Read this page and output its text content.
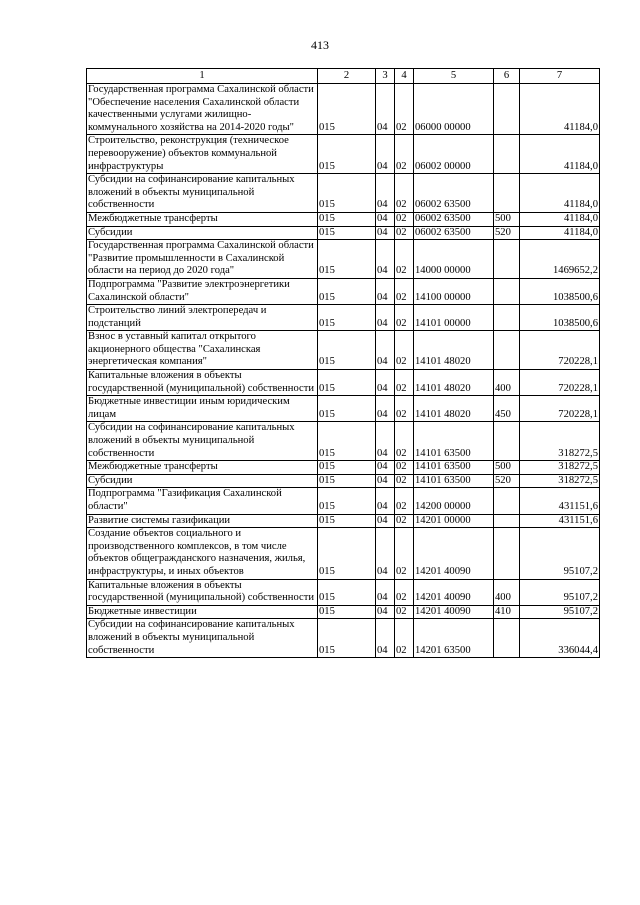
413
1	2	3	4	5	6	7
Государственная программа Сахалинской области "Обеспечение населения Сахалинской области качественными услугами жилищно-коммунального хозяйства на 2014-2020 годы"	015	04	02	06000 00000		41184,0
Строительство, реконструкция (техническое перевооружение) объектов коммунальной инфраструктуры	015	04	02	06002 00000		41184,0
Субсидии на софинансирование капитальных вложений в объекты муниципальной собственности	015	04	02	06002 63500		41184,0
Межбюджетные трансферты	015	04	02	06002 63500	500	41184,0
Субсидии	015	04	02	06002 63500	520	41184,0
Государственная программа Сахалинской области "Развитие промышленности в Сахалинской области на период до 2020 года"	015	04	02	14000 00000		1469652,2
Подпрограмма "Развитие электроэнергетики Сахалинской области"	015	04	02	14100 00000		1038500,6
Строительство линий электропередач и подстанций	015	04	02	14101 00000		1038500,6
Взнос в уставный капитал открытого акционерного общества "Сахалинская энергетическая компания"	015	04	02	14101 48020		720228,1
Капитальные вложения в объекты государственной (муниципальной) собственности	015	04	02	14101 48020	400	720228,1
Бюджетные инвестиции иным юридическим лицам	015	04	02	14101 48020	450	720228,1
Субсидии на софинансирование капитальных вложений в объекты муниципальной собственности	015	04	02	14101 63500		318272,5
Межбюджетные трансферты	015	04	02	14101 63500	500	318272,5
Субсидии	015	04	02	14101 63500	520	318272,5
Подпрограмма "Газификация Сахалинской области"	015	04	02	14200 00000		431151,6
Развитие системы газификации	015	04	02	14201 00000		431151,6
Создание объектов социального и производственного комплексов, в том числе объектов общегражданского назначения, жилья, инфраструктуры, и иных объектов	015	04	02	14201 40090		95107,2
Капитальные вложения в объекты государственной (муниципальной) собственности	015	04	02	14201 40090	400	95107,2
Бюджетные инвестиции	015	04	02	14201 40090	410	95107,2
Субсидии на софинансирование капитальных вложений в объекты муниципальной собственности	015	04	02	14201 63500		336044,4
